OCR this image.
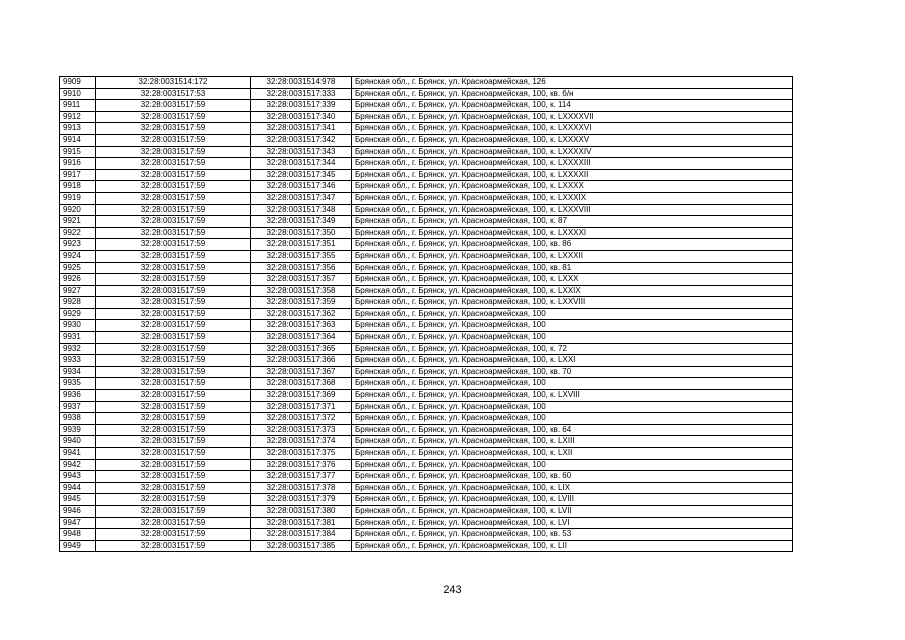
9909	32:28:0031514:172	32:28:0031514:978	Брянская обл., г. Брянск, ул. Красноармейская, 126
9910	32:28:0031517:53	32:28:0031517:333	Брянская обл., г. Брянск, ул. Красноармейская, 100, кв. б/н
9911	32:28:0031517:59	32:28:0031517:339	Брянская обл., г. Брянск, ул. Красноармейская, 100, к. 114
9912	32:28:0031517:59	32:28:0031517:340	Брянская обл., г. Брянск, ул. Красноармейская, 100, к. LXXXXVII
9913	32:28:0031517:59	32:28:0031517:341	Брянская обл., г. Брянск, ул. Красноармейская, 100, к. LXXXXVI
9914	32:28:0031517:59	32:28:0031517:342	Брянская обл., г. Брянск, ул. Красноармейская, 100, к. LXXXXV
9915	32:28:0031517:59	32:28:0031517:343	Брянская обл., г. Брянск, ул. Красноармейская, 100, к. LXXXXIV
9916	32:28:0031517:59	32:28:0031517:344	Брянская обл., г. Брянск, ул. Красноармейская, 100, к. LXXXXIII
9917	32:28:0031517:59	32:28:0031517:345	Брянская обл., г. Брянск, ул. Красноармейская, 100, к. LXXXXII
9918	32:28:0031517:59	32:28:0031517:346	Брянская обл., г. Брянск, ул. Красноармейская, 100, к. LXXXX
9919	32:28:0031517:59	32:28:0031517:347	Брянская обл., г. Брянск, ул. Красноармейская, 100, к. LXXXIX
9920	32:28:0031517:59	32:28:0031517:348	Брянская обл., г. Брянск, ул. Красноармейская, 100, к. LXXXVIII
9921	32:28:0031517:59	32:28:0031517:349	Брянская обл., г. Брянск, ул. Красноармейская, 100, к. 87
9922	32:28:0031517:59	32:28:0031517:350	Брянская обл., г. Брянск, ул. Красноармейская, 100, к. LXXXXI
9923	32:28:0031517:59	32:28:0031517:351	Брянская обл., г. Брянск, ул. Красноармейская, 100, кв. 86
9924	32:28:0031517:59	32:28:0031517:355	Брянская обл., г. Брянск, ул. Красноармейская, 100, к. LXXXII
9925	32:28:0031517:59	32:28:0031517:356	Брянская обл., г. Брянск, ул. Красноармейская, 100, кв. 81
9926	32:28:0031517:59	32:28:0031517:357	Брянская обл., г. Брянск, ул. Красноармейская, 100, к. LXXX
9927	32:28:0031517:59	32:28:0031517:358	Брянская обл., г. Брянск, ул. Красноармейская, 100, к. LXXIX
9928	32:28:0031517:59	32:28:0031517:359	Брянская обл., г. Брянск, ул. Красноармейская, 100, к. LXXVIII
9929	32:28:0031517:59	32:28:0031517:362	Брянская обл., г. Брянск, ул. Красноармейская, 100
9930	32:28:0031517:59	32:28:0031517:363	Брянская обл., г. Брянск, ул. Красноармейская, 100
9931	32:28:0031517:59	32:28:0031517:364	Брянская обл., г. Брянск, ул. Красноармейская, 100
9932	32:28:0031517:59	32:28:0031517:365	Брянская обл., г. Брянск, ул. Красноармейская, 100, к. 72
9933	32:28:0031517:59	32:28:0031517:366	Брянская обл., г. Брянск, ул. Красноармейская, 100, к. LXXI
9934	32:28:0031517:59	32:28:0031517:367	Брянская обл., г. Брянск, ул. Красноармейская, 100, кв. 70
9935	32:28:0031517:59	32:28:0031517:368	Брянская обл., г. Брянск, ул. Красноармейская, 100
9936	32:28:0031517:59	32:28:0031517:369	Брянская обл., г. Брянск, ул. Красноармейская, 100, к. LXVIII
9937	32:28:0031517:59	32:28:0031517:371	Брянская обл., г. Брянск, ул. Красноармейская, 100
9938	32:28:0031517:59	32:28:0031517:372	Брянская обл., г. Брянск, ул. Красноармейская, 100
9939	32:28:0031517:59	32:28:0031517:373	Брянская обл., г. Брянск, ул. Красноармейская, 100, кв. 64
9940	32:28:0031517:59	32:28:0031517:374	Брянская обл., г. Брянск, ул. Красноармейская, 100, к. LXIII
9941	32:28:0031517:59	32:28:0031517:375	Брянская обл., г. Брянск, ул. Красноармейская, 100, к. LXII
9942	32:28:0031517:59	32:28:0031517:376	Брянская обл., г. Брянск, ул. Красноармейская, 100
9943	32:28:0031517:59	32:28:0031517:377	Брянская обл., г. Брянск, ул. Красноармейская, 100, кв. 60
9944	32:28:0031517:59	32:28:0031517:378	Брянская обл., г. Брянск, ул. Красноармейская, 100, к. LIX
9945	32:28:0031517:59	32:28:0031517:379	Брянская обл., г. Брянск, ул. Красноармейская, 100, к. LVIII
9946	32:28:0031517:59	32:28:0031517:380	Брянская обл., г. Брянск, ул. Красноармейская, 100, к. LVII
9947	32:28:0031517:59	32:28:0031517:381	Брянская обл., г. Брянск, ул. Красноармейская, 100, к. LVI
9948	32:28:0031517:59	32:28:0031517:384	Брянская обл., г. Брянск, ул. Красноармейская, 100, кв. 53
9949	32:28:0031517:59	32:28:0031517:385	Брянская обл., г. Брянск, ул. Красноармейская, 100, к. LII
243
